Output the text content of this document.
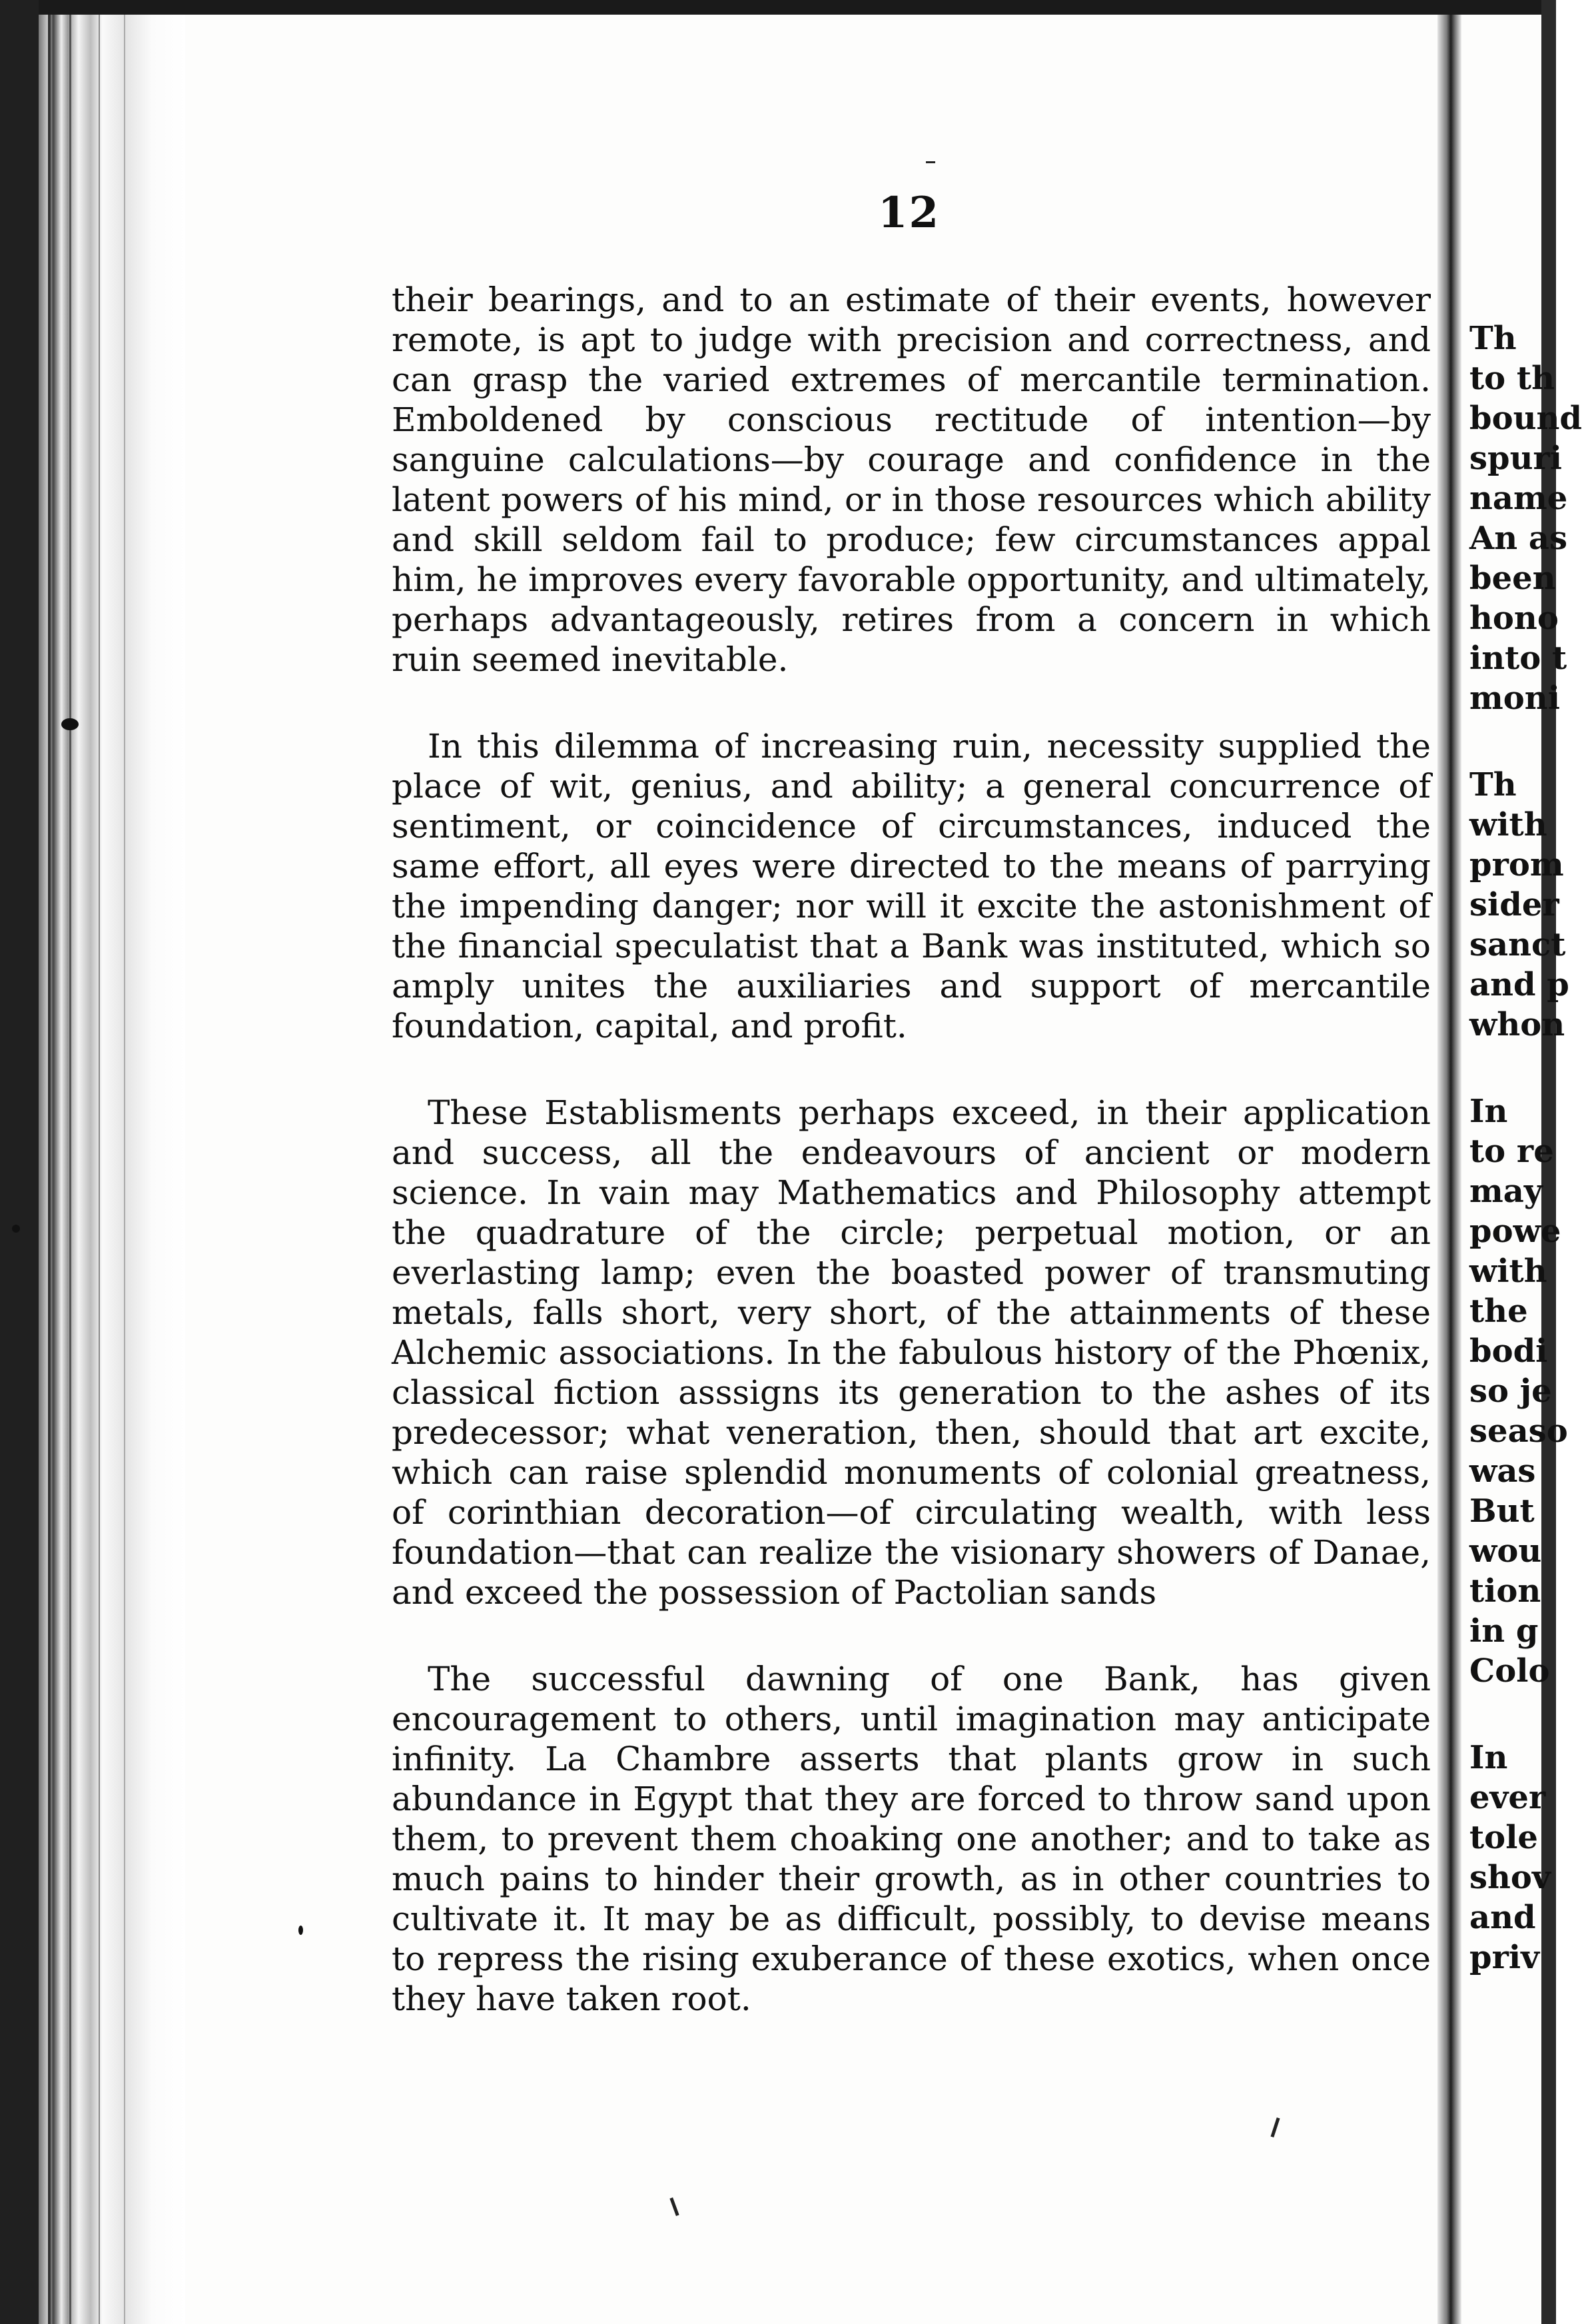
12

their bearings, and to an estimate of their events, however remote, is apt to judge with precision and correctness, and can grasp the varied extremes of mercantile termination. Emboldened by conscious rectitude of intention—by sanguine calculations—by courage and confidence in the latent powers of his mind, or in those resources which ability and skill seldom fail to produce; few circumstances appal him, he improves every favorable opportunity, and ultimately, perhaps advantageously, retires from a concern in which ruin seemed inevitable.

In this dilemma of increasing ruin, necessity supplied the place of wit, genius, and ability; a general concurrence of sentiment, or coincidence of circumstances, induced the same effort, all eyes were directed to the means of parrying the impending danger; nor will it excite the astonishment of the financial speculatist that a Bank was instituted, which so amply unites the auxiliaries and support of mercantile foundation, capital, and profit.

These Establisments perhaps exceed, in their application and success, all the endeavours of ancient or modern science. In vain may Mathematics and Philosophy attempt the quadrature of the circle; perpetual motion, or an everlasting lamp; even the boasted power of transmuting metals, falls short, very short, of the attainments of these Alchemic associations. In the fabulous history of the Phœnix, classical fiction asssigns its generation to the ashes of its predecessor; what veneration, then, should that art excite, which can raise splendid monuments of colonial greatness, of corinthian decoration—of circulating wealth, with less foundation—that can realize the visionary showers of Danae, and exceed the possession of Pactolian sands

The successful dawning of one Bank, has given encouragement to others, until imagination may anticipate infinity. La Chambre asserts that plants grow in such abundance in Egypt that they are forced to throw sand upon them, to prevent them choaking one another; and to take as much pains to hinder their growth, as in other countries to cultivate it. It may be as difficult, possibly, to devise means to repress the rising exuberance of these exotics, when once they have taken root.

Th
to th
bound
spuri
name
An as
been
hono
into t
moni
Th
with
prom
sider
sanct
and p
whon
In
to re
may
powe
with
the
bodi
so je
seaso
was
But
wou
tion
in g
Colo
In
ever
tole
shov
and
priv
